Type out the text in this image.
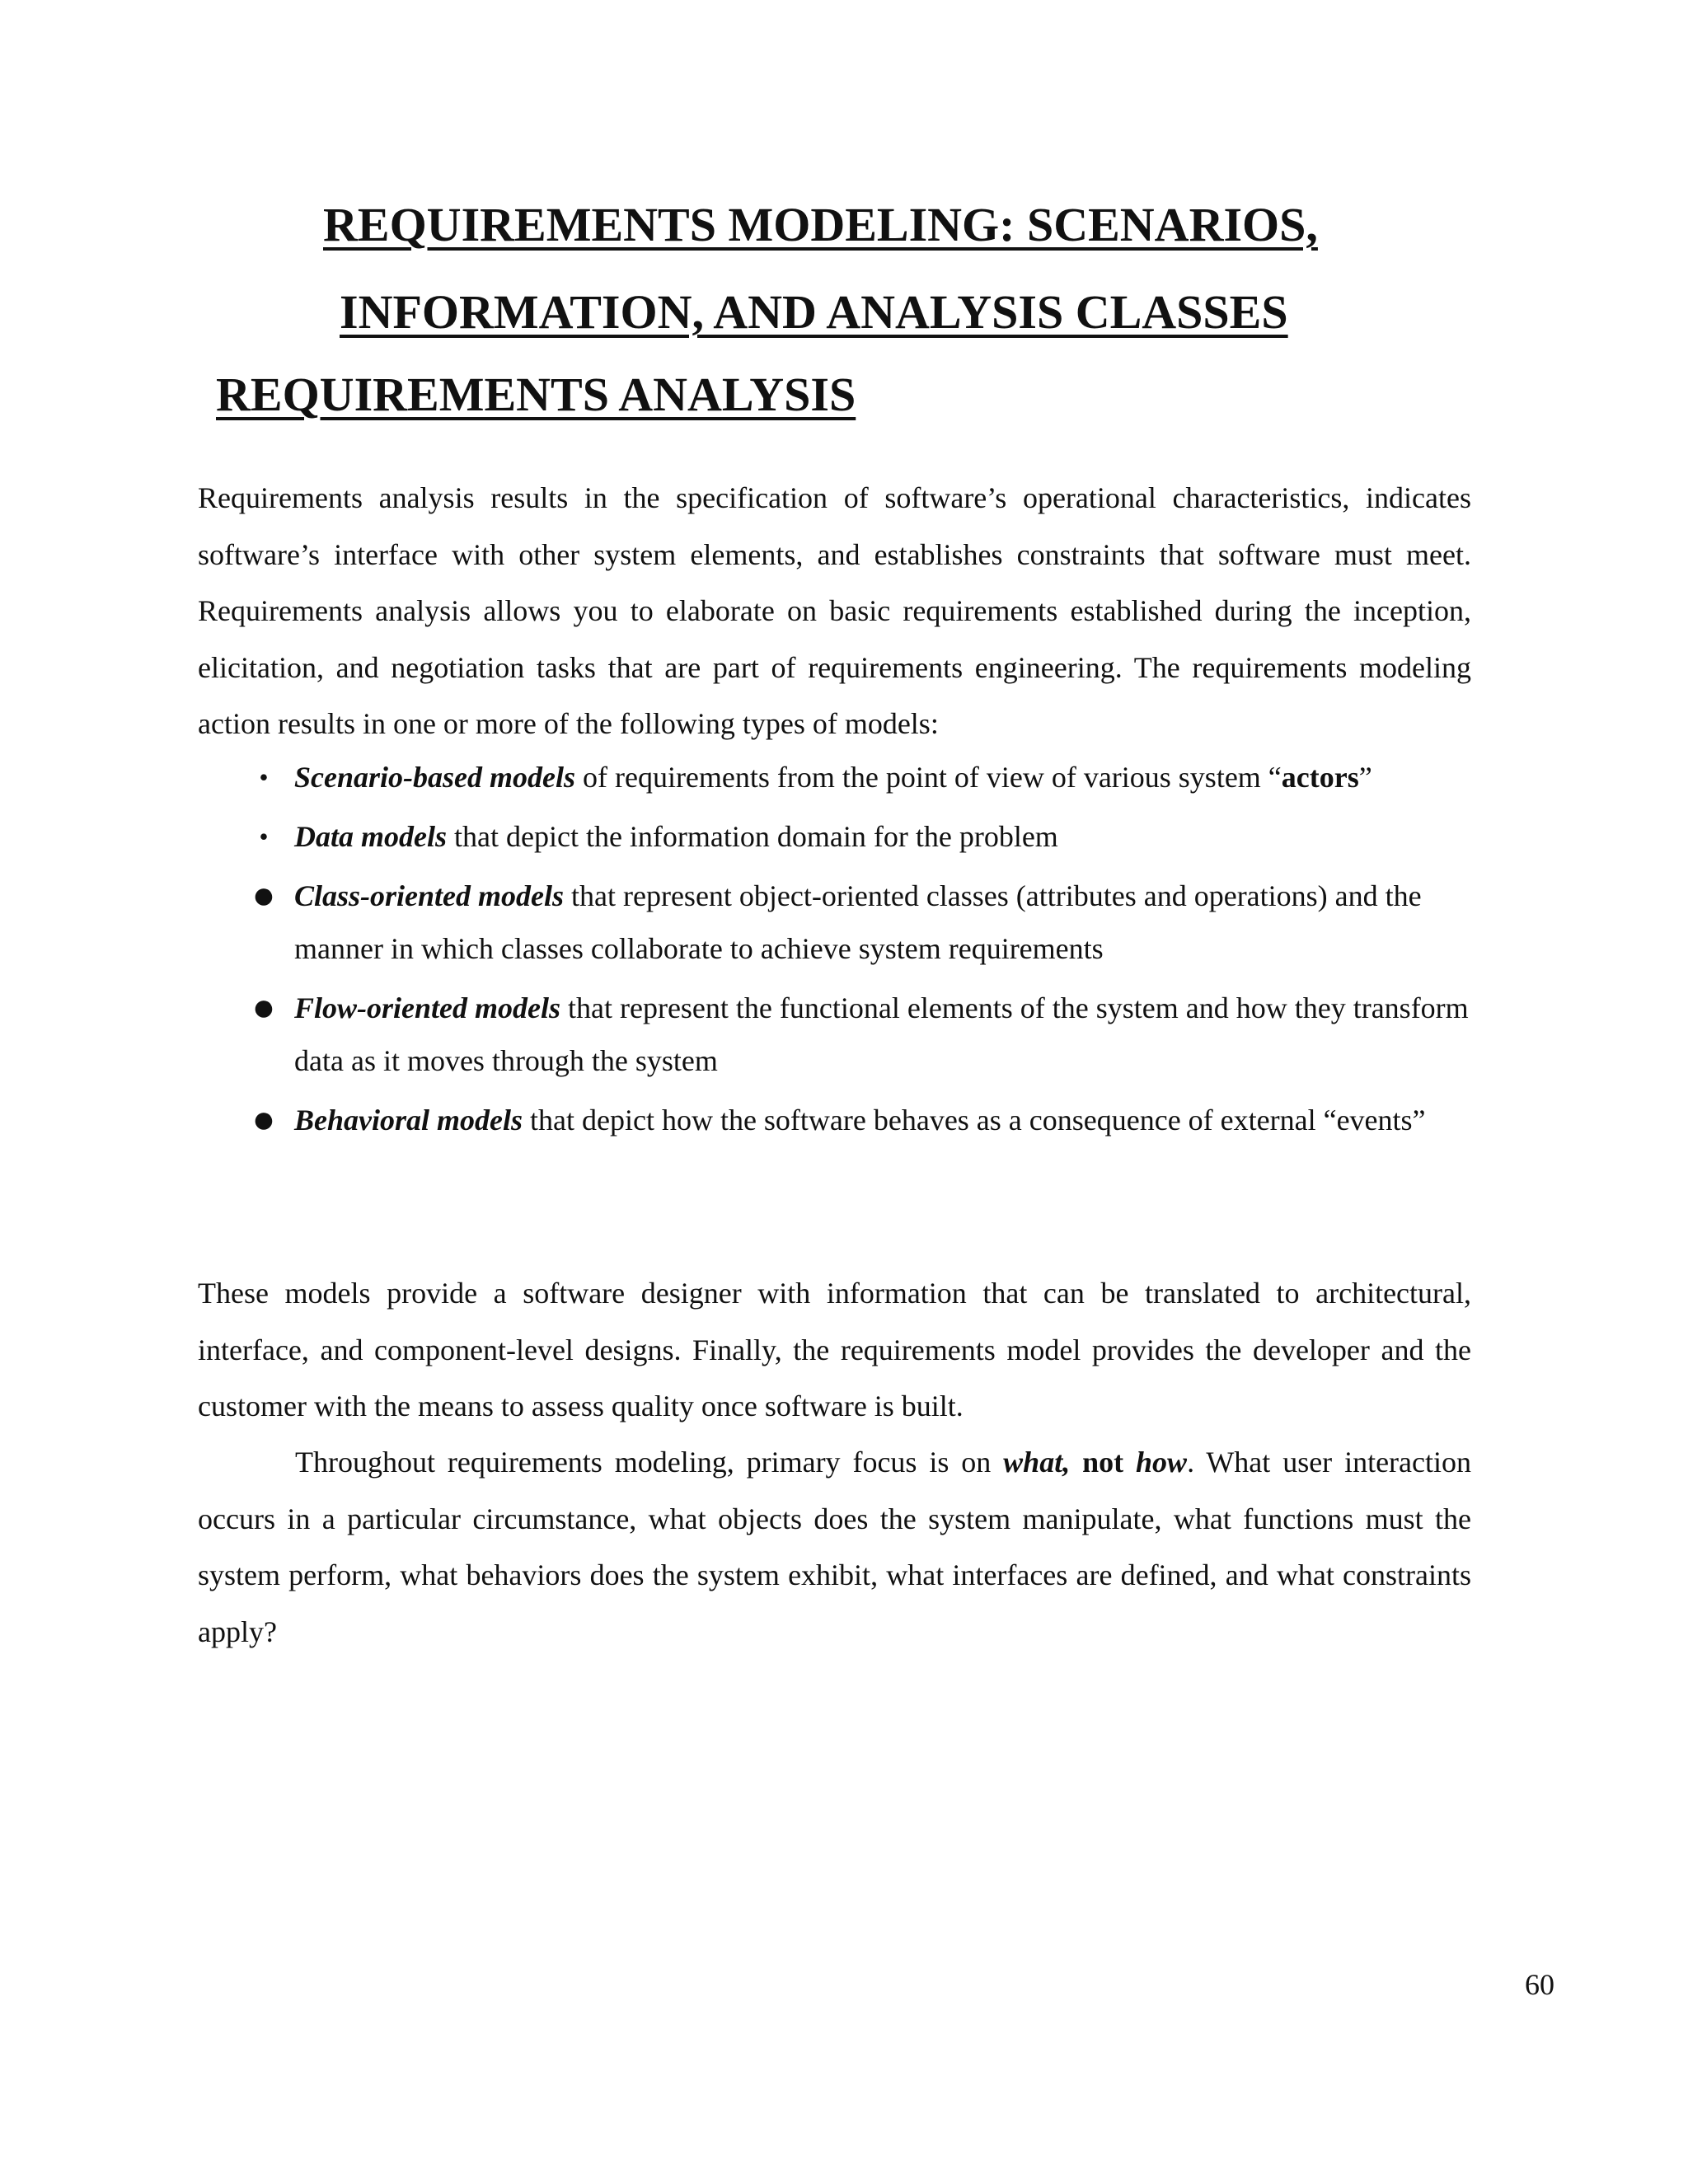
REQUIREMENTS MODELING: SCENARIOS,
INFORMATION, AND ANALYSIS CLASSES
REQUIREMENTS ANALYSIS

Requirements analysis results in the specification of software’s operational characteristics, indicates software’s interface with other system elements, and establishes constraints that software must meet. Requirements analysis allows you to elaborate on basic requirements established during the inception, elicitation, and negotiation tasks that are part of requirements engineering. The requirements modeling action results in one or more of the following types of models:

• Scenario-based models of requirements from the point of view of various system “actors”
• Data models that depict the information domain for the problem
● Class-oriented models that represent object-oriented classes (attributes and operations) and the manner in which classes collaborate to achieve system requirements
● Flow-oriented models that represent the functional elements of the system and how they transform data as it moves through the system
● Behavioral models that depict how the software behaves as a consequence of external “events”

These models provide a software designer with information that can be translated to architectural, interface, and component-level designs. Finally, the requirements model provides the developer and the customer with the means to assess quality once software is built.

Throughout requirements modeling, primary focus is on what, not how. What user interaction occurs in a particular circumstance, what objects does the system manipulate, what functions must the system perform, what behaviors does the system exhibit, what interfaces are defined, and what constraints apply?

60
